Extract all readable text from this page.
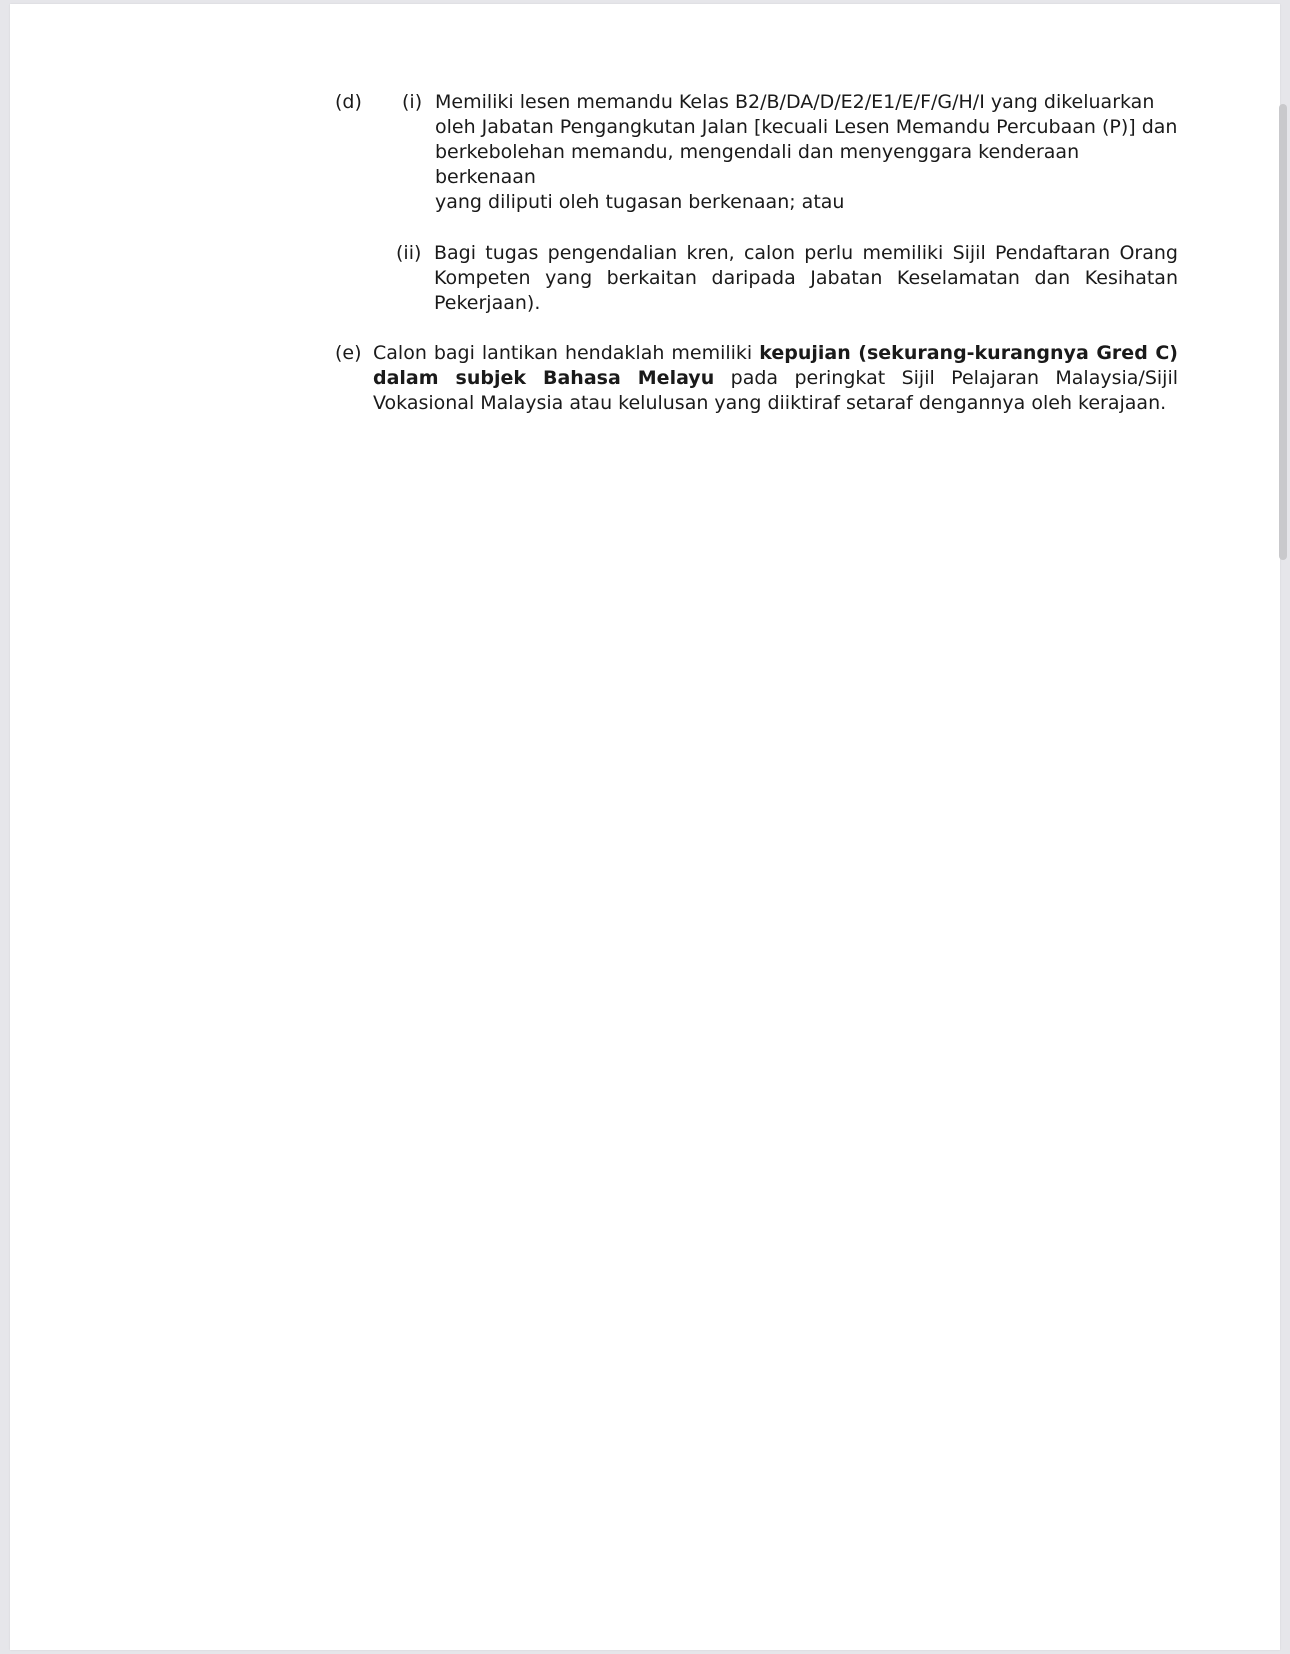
(d) (i) Memiliki lesen memandu Kelas B2/B/DA/D/E2/E1/E/F/G/H/I yang dikeluarkan
oleh Jabatan Pengangkutan Jalan [kecuali Lesen Memandu Percubaan (P)] dan
berkebolehan memandu, mengendali dan menyenggara kenderaan berkenaan
yang diliputi oleh tugasan berkenaan; atau
(ii) Bagi tugas pengendalian kren, calon perlu memiliki Sijil Pendaftaran Orang
Kompeten yang berkaitan daripada Jabatan Keselamatan dan Kesihatan
Pekerjaan).
(e) Calon bagi lantikan hendaklah memiliki kepujian (sekurang-kurangnya Gred C)
dalam subjek Bahasa Melayu pada peringkat Sijil Pelajaran Malaysia/Sijil
Vokasional Malaysia atau kelulusan yang diiktiraf setaraf dengannya oleh kerajaan.
